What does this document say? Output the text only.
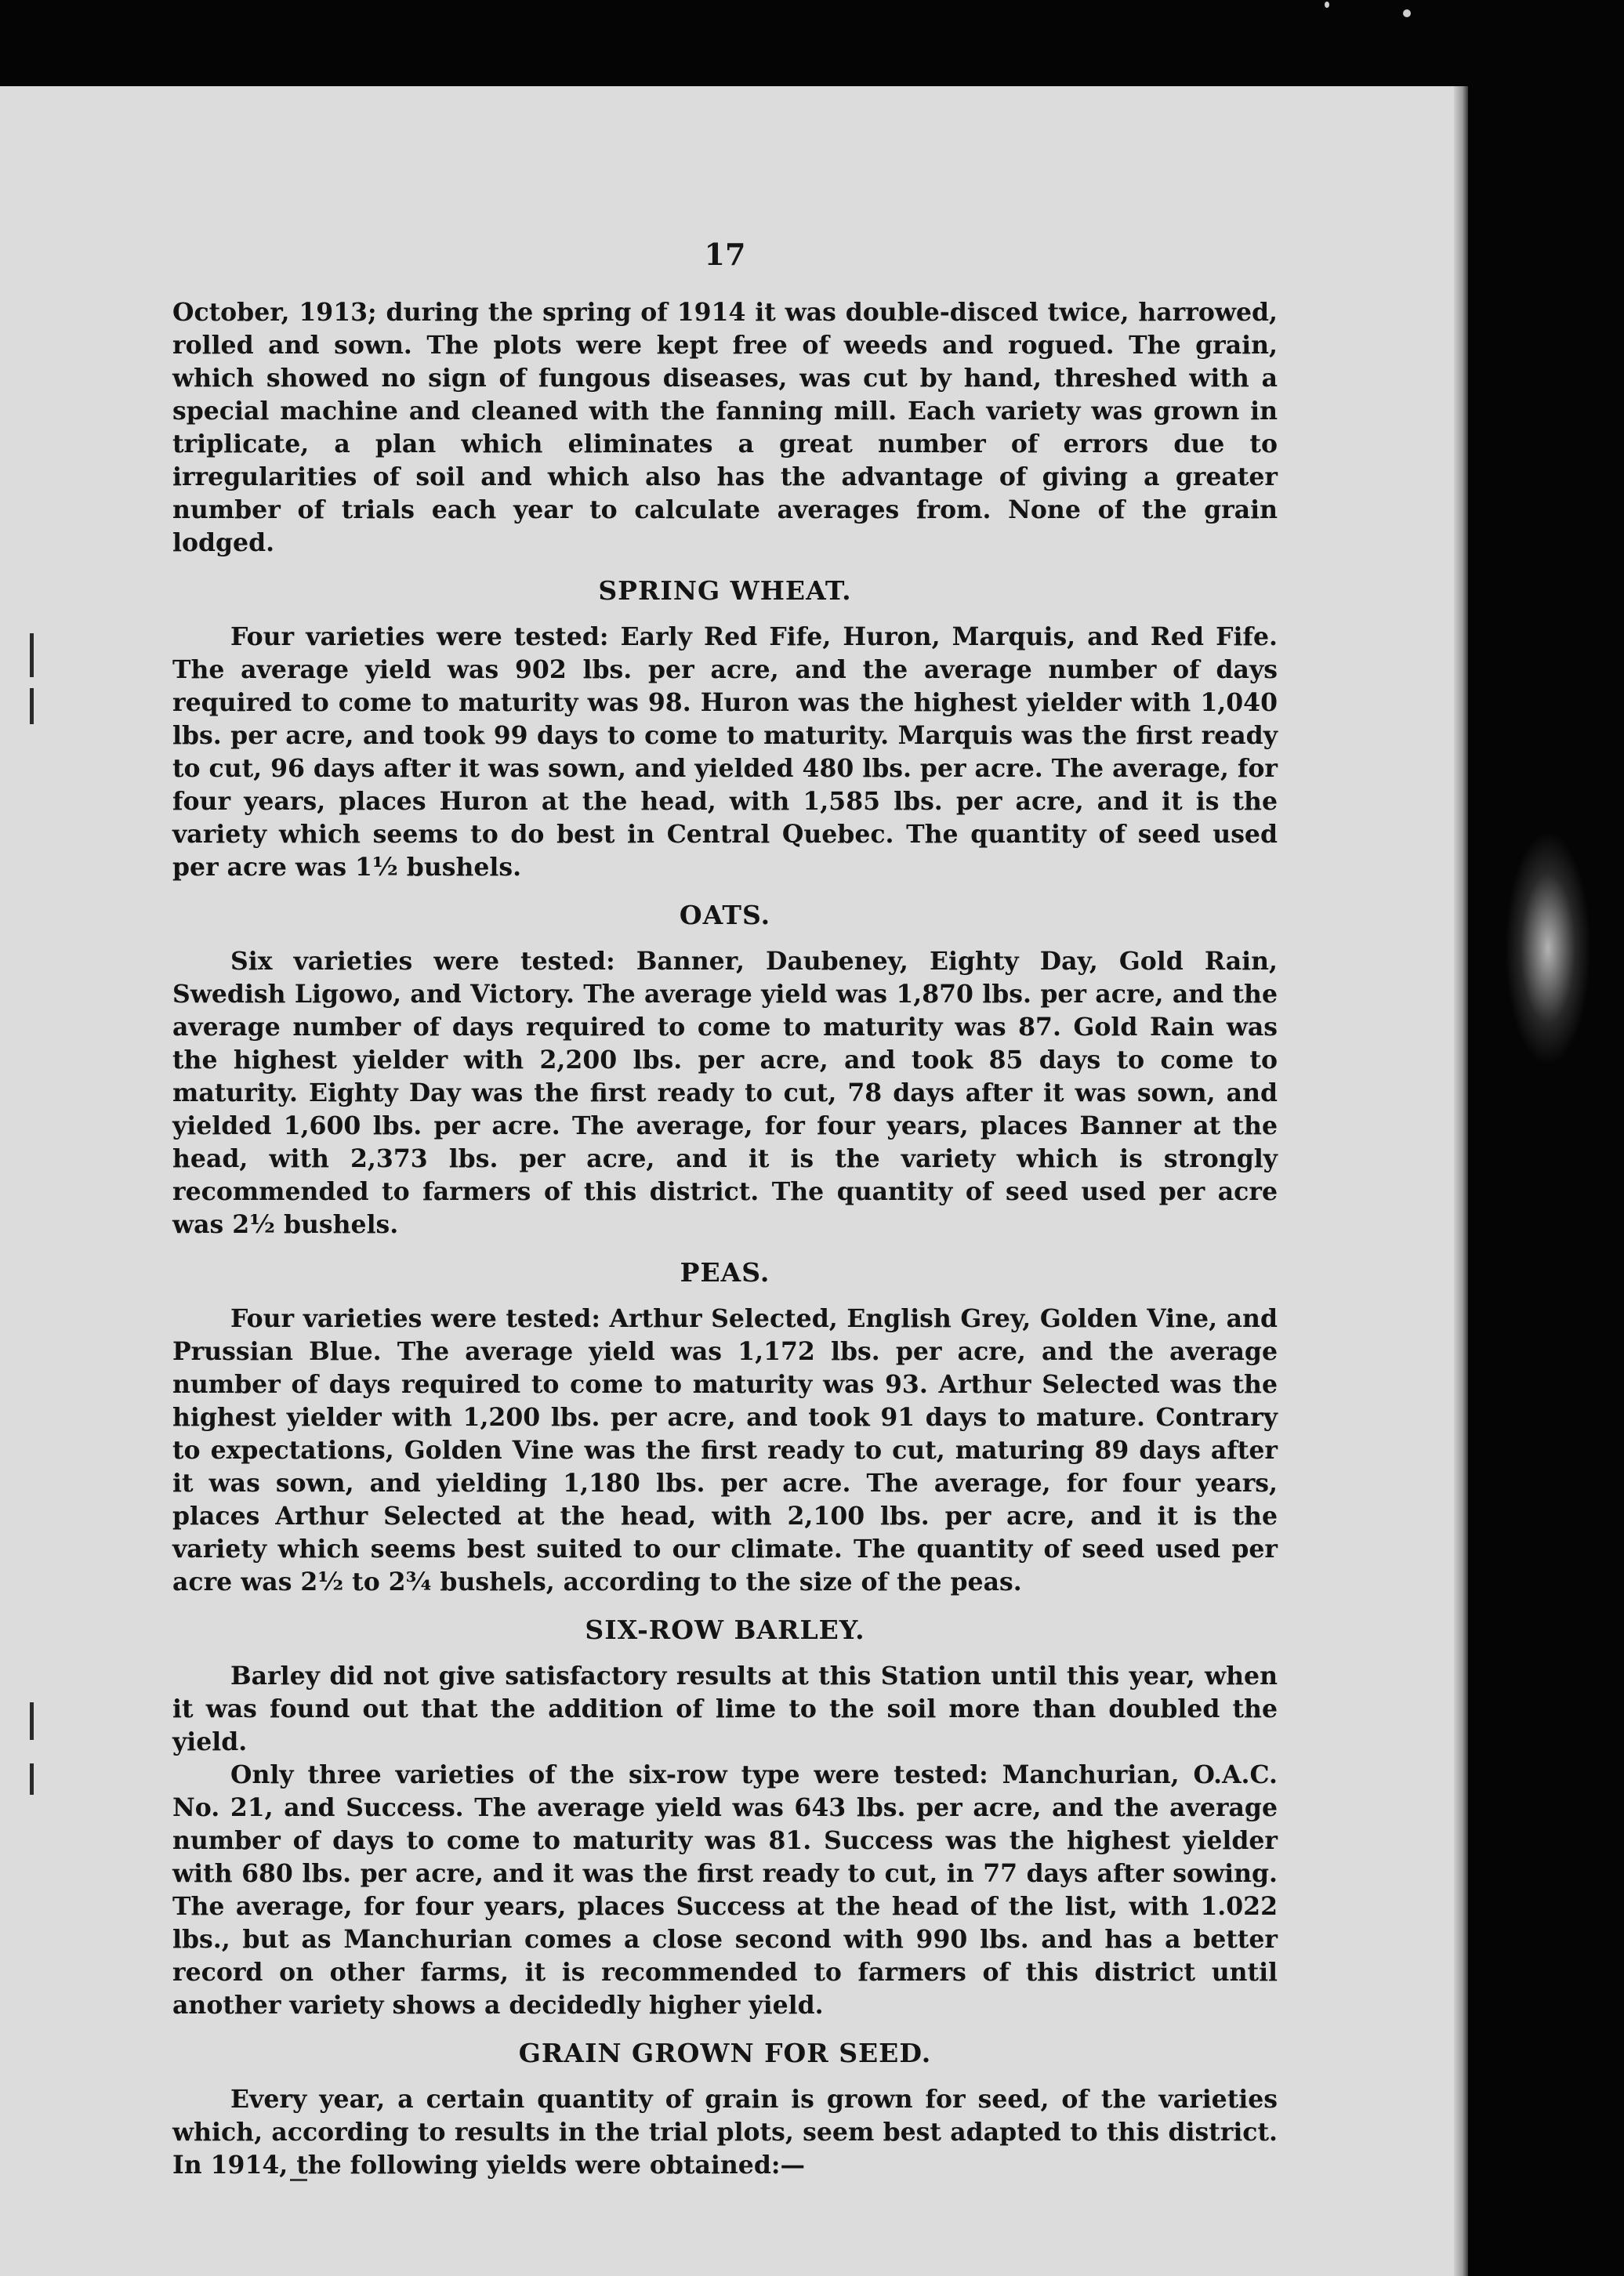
17

October, 1913; during the spring of 1914 it was double-disced twice, harrowed, rolled and sown. The plots were kept free of weeds and rogued. The grain, which showed no sign of fungous diseases, was cut by hand, threshed with a special machine and cleaned with the fanning mill. Each variety was grown in triplicate, a plan which eliminates a great number of errors due to irregularities of soil and which also has the advantage of giving a greater number of trials each year to calculate averages from. None of the grain lodged.

SPRING WHEAT.

Four varieties were tested: Early Red Fife, Huron, Marquis, and Red Fife. The average yield was 902 lbs. per acre, and the average number of days required to come to maturity was 98. Huron was the highest yielder with 1,040 lbs. per acre, and took 99 days to come to maturity. Marquis was the first ready to cut, 96 days after it was sown, and yielded 480 lbs. per acre. The average, for four years, places Huron at the head, with 1,585 lbs. per acre, and it is the variety which seems to do best in Central Quebec. The quantity of seed used per acre was 1½ bushels.

OATS.

Six varieties were tested: Banner, Daubeney, Eighty Day, Gold Rain, Swedish Ligowo, and Victory. The average yield was 1,870 lbs. per acre, and the average number of days required to come to maturity was 87. Gold Rain was the highest yielder with 2,200 lbs. per acre, and took 85 days to come to maturity. Eighty Day was the first ready to cut, 78 days after it was sown, and yielded 1,600 lbs. per acre. The average, for four years, places Banner at the head, with 2,373 lbs. per acre, and it is the variety which is strongly recommended to farmers of this district. The quantity of seed used per acre was 2½ bushels.

PEAS.

Four varieties were tested: Arthur Selected, English Grey, Golden Vine, and Prussian Blue. The average yield was 1,172 lbs. per acre, and the average number of days required to come to maturity was 93. Arthur Selected was the highest yielder with 1,200 lbs. per acre, and took 91 days to mature. Contrary to expectations, Golden Vine was the first ready to cut, maturing 89 days after it was sown, and yielding 1,180 lbs. per acre. The average, for four years, places Arthur Selected at the head, with 2,100 lbs. per acre, and it is the variety which seems best suited to our climate. The quantity of seed used per acre was 2½ to 2¾ bushels, according to the size of the peas.

SIX-ROW BARLEY.

Barley did not give satisfactory results at this Station until this year, when it was found out that the addition of lime to the soil more than doubled the yield.

Only three varieties of the six-row type were tested: Manchurian, O.A.C. No. 21, and Success. The average yield was 643 lbs. per acre, and the average number of days to come to maturity was 81. Success was the highest yielder with 680 lbs. per acre, and it was the first ready to cut, in 77 days after sowing. The average, for four years, places Success at the head of the list, with 1.022 lbs., but as Manchurian comes a close second with 990 lbs. and has a better record on other farms, it is recommended to farmers of this district until another variety shows a decidedly higher yield.

GRAIN GROWN FOR SEED.

Every year, a certain quantity of grain is grown for seed, of the varieties which, according to results in the trial plots, seem best adapted to this district. In 1914, the following yields were obtained:—
